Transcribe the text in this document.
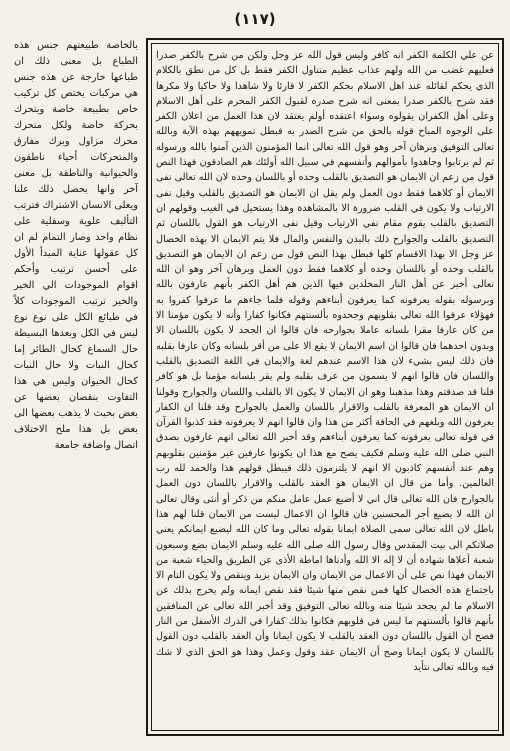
(١١٧)

بالخاصة طبيعتهم جنس هذه الطباع بل معنى ذلك ان طباعها خارجة عن هذه جنس هي مركبات يختص كل تركيب خاص بطبيعة خاصة ويتحرك بحركة خاصة ولكل متحرك محرك مزاول وبرك مفارق والمتحركات أحياء ناطقون والحيوانية والناطقة بل معنى آخر وانها يحصل ذلك علنا ويعلى الانسان الاشتراك فترتب التأليف علوية وسفلية على نظام واحد وصار التمام لم ان كل عقولها عناية المبدأ الأول على أحسن ترتيب وأحكم اقوام الموجودات الي الخير والخير ترتيب الموجودات كلاً في طبائع الكل على نوع نوع ليس في الكل وبعدها البسيطة حال السماع كحال الطائر إما كحال النبات ولا حال النبات كحال الحيوان وليس هي هذا التفاوت بنقصان بعضها عن بعض بحيث لا يذهب بعضها الى بعض بل هذا ملح الاختلاف اتصال واضافة جامعة

عن علي الكلمة الكفر انه كافر وليس قول الله عز وجل ولكن من شرح بالكفر صدرا فعليهم غضب من الله ولهم عذاب عظيم متناول الكفر فقط بل كل من نطق بالكلام الذي يحكم لقائله عند اهل الاسلام بحكم الكفر لا قارئا ولا شاهدا ولا حاكيا ولا مكرها فقد شرح بالكفر صدرا بمعنى انه شرح صدره لقبول الكفر المحرم على أهل الاسلام وعلى أهل الكفران يقولوه وسواء اعتقده أولم يعتقد لان هذا العمل من اعلان الكفر على الوجوه المباح قوله بالحق من شرح الصدر به فبطل تمويههم بهذه الآية وبالله تعالى التوفيق وبرهان آخر وهو قول الله تعالى انما المؤمنون الذين آمنوا بالله ورسوله ثم لم يرتابوا وجاهدوا بأموالهم وأنفسهم في سبيل الله أولئك هم الصادقون فهذا النص قول من زعم ان الايمان هو التصديق بالقلب وحده أو باللسان وحده لان الله تعالى نفى الايمان أو كلاهما فقط دون العمل ولم يقل ان الايمان هو التصديق بالقلب وقيل نفى الارتياب ولا يكون في القلب ضرورة الا بالمشاهدة وهذا يستحيل في الغيب وقولهم ان التصديق بالقلب يقوم مقام نفي الارتياب وقيل نفى الارتياب هو القول باللسان ثم التصديق بالقلب والجوارح ذلك بالبدن والنفس والمال فلا يتم الايمان الا بهذه الخصال عز وجل الا بهذا الاقسام كلها فبطل بهذا النص قول من زعم ان الايمان هو التصديق بالقلب وحده أو باللسان وحده أو كلاهما فقط دون العمل وبرهان آخر وهو ان الله تعالى أخبر عن أهل النار المخلدين فيها الذين هم أهل الكفر بأنهم عارفون بالله وبرسوله بقوله يعرفونه كما يعرفون أبناءهم وقوله فلما جاءهم ما عرفوا كفروا به فهؤلاء عرفوا الله تعالى بقلوبهم وجحدوه بألسنتهم فكانوا كفارا وأنه لا يكون مؤمنا الا من كان عارفا مقرا بلسانه عاملا بجوارحه فان قالوا ان الجحد لا يكون باللسان الا وبدون احدهما فان قالوا ان اسم الايمان لا يقع الا على من أقر بلسانه وكان عارفا بقلبه فان ذلك ليس بشيء لان هذا الاسم عندهم لغة والايمان في اللغة التصديق بالقلب واللسان فان قالوا انهم لا يسمون من عرف بقلبه ولم يقر بلسانه مؤمنا بل هو كافر قلنا قد صدقتم وهذا مذهبنا وهو ان الايمان لا يكون الا بالقلب واللسان والجوارح وقولنا ان الايمان هو المعرفة بالقلب والاقرار باللسان والعمل بالجوارح وقد قلنا ان الكفار يعرفون الله وبلغهم في الحافة أكثر من هذا وان قالوا انهم لا يعرفونه فقد كذبوا القرآن في قوله تعالى يعرفونه كما يعرفون أبناءهم وقد أخبر الله تعالى انهم عارفون بصدق النبي صلى الله عليه وسلم فكيف يصح مع هذا ان يكونوا عارفين غير مؤمنين بقلوبهم وهم عند أنفسهم كاذبون الا انهم لا يلتزمون ذلك فيبطل قولهم هذا والحمد لله رب العالمين. وأما من قال ان الايمان هو العقد بالقلب والاقرار باللسان دون العمل بالجوارح فان الله تعالى قال اني لا أضيع عمل عامل منكم من ذكر أو أنثى وقال تعالى ان الله لا يضيع أجر المحسنين فان قالوا ان الاعمال ليست من الايمان قلنا لهم هذا باطل لان الله تعالى سمى الصلاة ايمانا بقوله تعالى وما كان الله ليضيع ايمانكم يعني صلاتكم الى بيت المقدس وقال رسول الله صلى الله عليه وسلم الايمان بضع وسبعون شعبة أعلاها شهادة أن لا إله الا الله وأدناها اماطة الأذى عن الطريق والحياء شعبة من الايمان فهذا نص على أن الاعمال من الايمان وان الايمان يزيد وينقص ولا يكون التام الا باجتماع هذه الخصال كلها فمن نقص منها شيئا فقد نقص ايمانه ولم يخرج بذلك عن الاسلام ما لم يجحد شيئا منه وبالله تعالى التوفيق وقد أخبر الله تعالى عن المنافقين بأنهم قالوا بألسنتهم ما ليس في قلوبهم فكانوا بذلك كفارا في الدرك الأسفل من النار فصح أن القول باللسان دون العقد بالقلب لا يكون ايمانا وأن العقد بالقلب دون القول باللسان لا يكون ايمانا وصح أن الايمان عقد وقول وعمل وهذا هو الحق الذي لا شك فيه وبالله تعالى نتأيد
